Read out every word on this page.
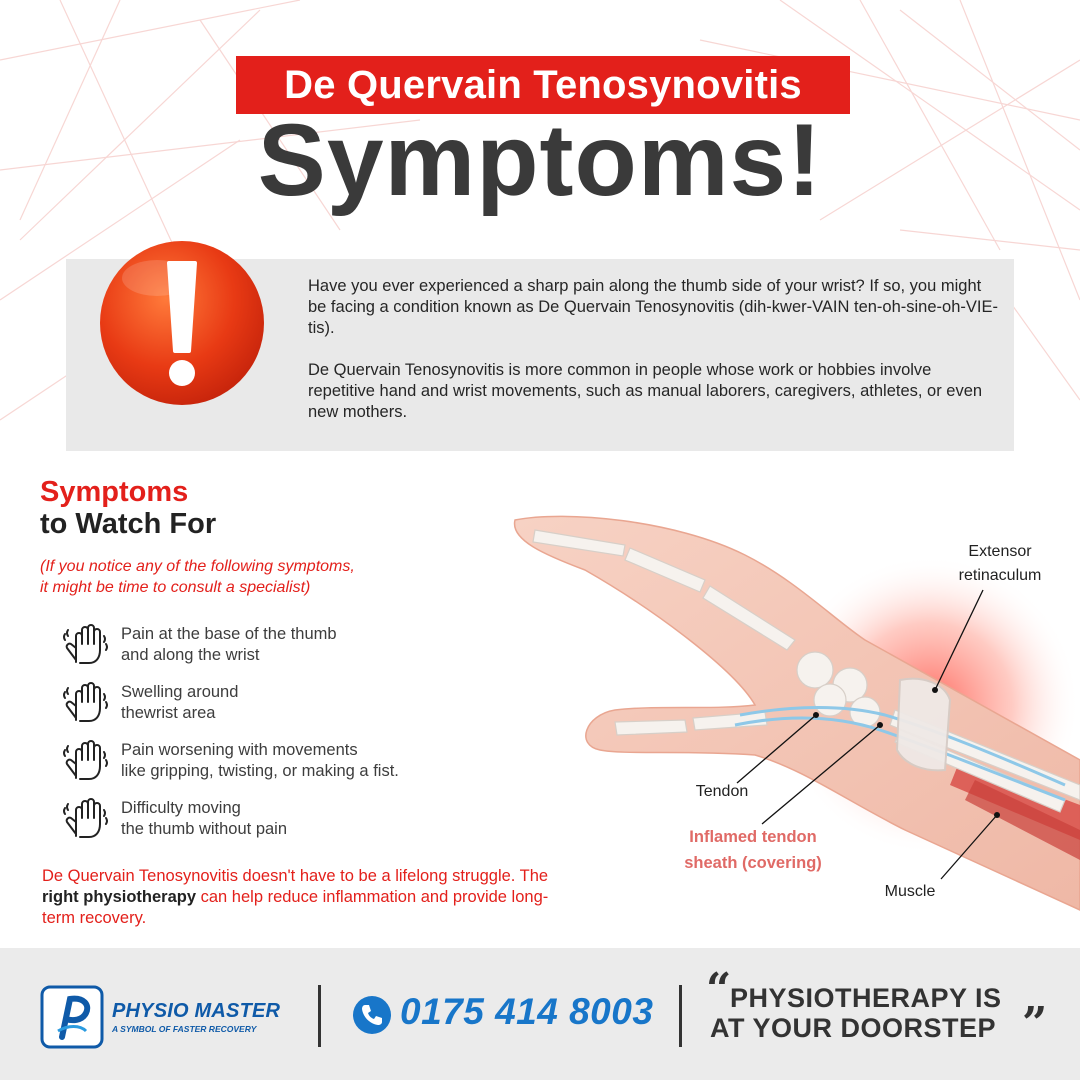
De Quervain Tenosynovitis
Symptoms!

Have you ever experienced a sharp pain along the thumb side of your wrist? If so, you might be facing a condition known as De Quervain Tenosynovitis (dih-kwer-VAIN ten-oh-sine-oh-VIE-tis).

De Quervain Tenosynovitis is more common in people whose work or hobbies involve repetitive hand and wrist movements, such as manual laborers, caregivers, athletes, or even new mothers.

Symptoms
to Watch For
(If you notice any of the following symptoms,
it might be time to consult a specialist)
Pain at the base of the thumb
and along the wrist
Swelling around
thewrist area
Pain worsening with movements
like gripping, twisting, or making a fist.
Difficulty moving
the thumb without pain
De Quervain Tenosynovitis doesn't have to be a lifelong struggle. The right physiotherapy can help reduce inflammation and provide long-term recovery.
Extensor
retinaculum
Tendon
Inflamed tendon
sheath (covering)
Muscle
PHYSIO MASTER
A SYMBOL OF FASTER RECOVERY	0175 414 8003 “
PHYSIOTHERAPY IS
AT YOUR DOORSTEP ”
